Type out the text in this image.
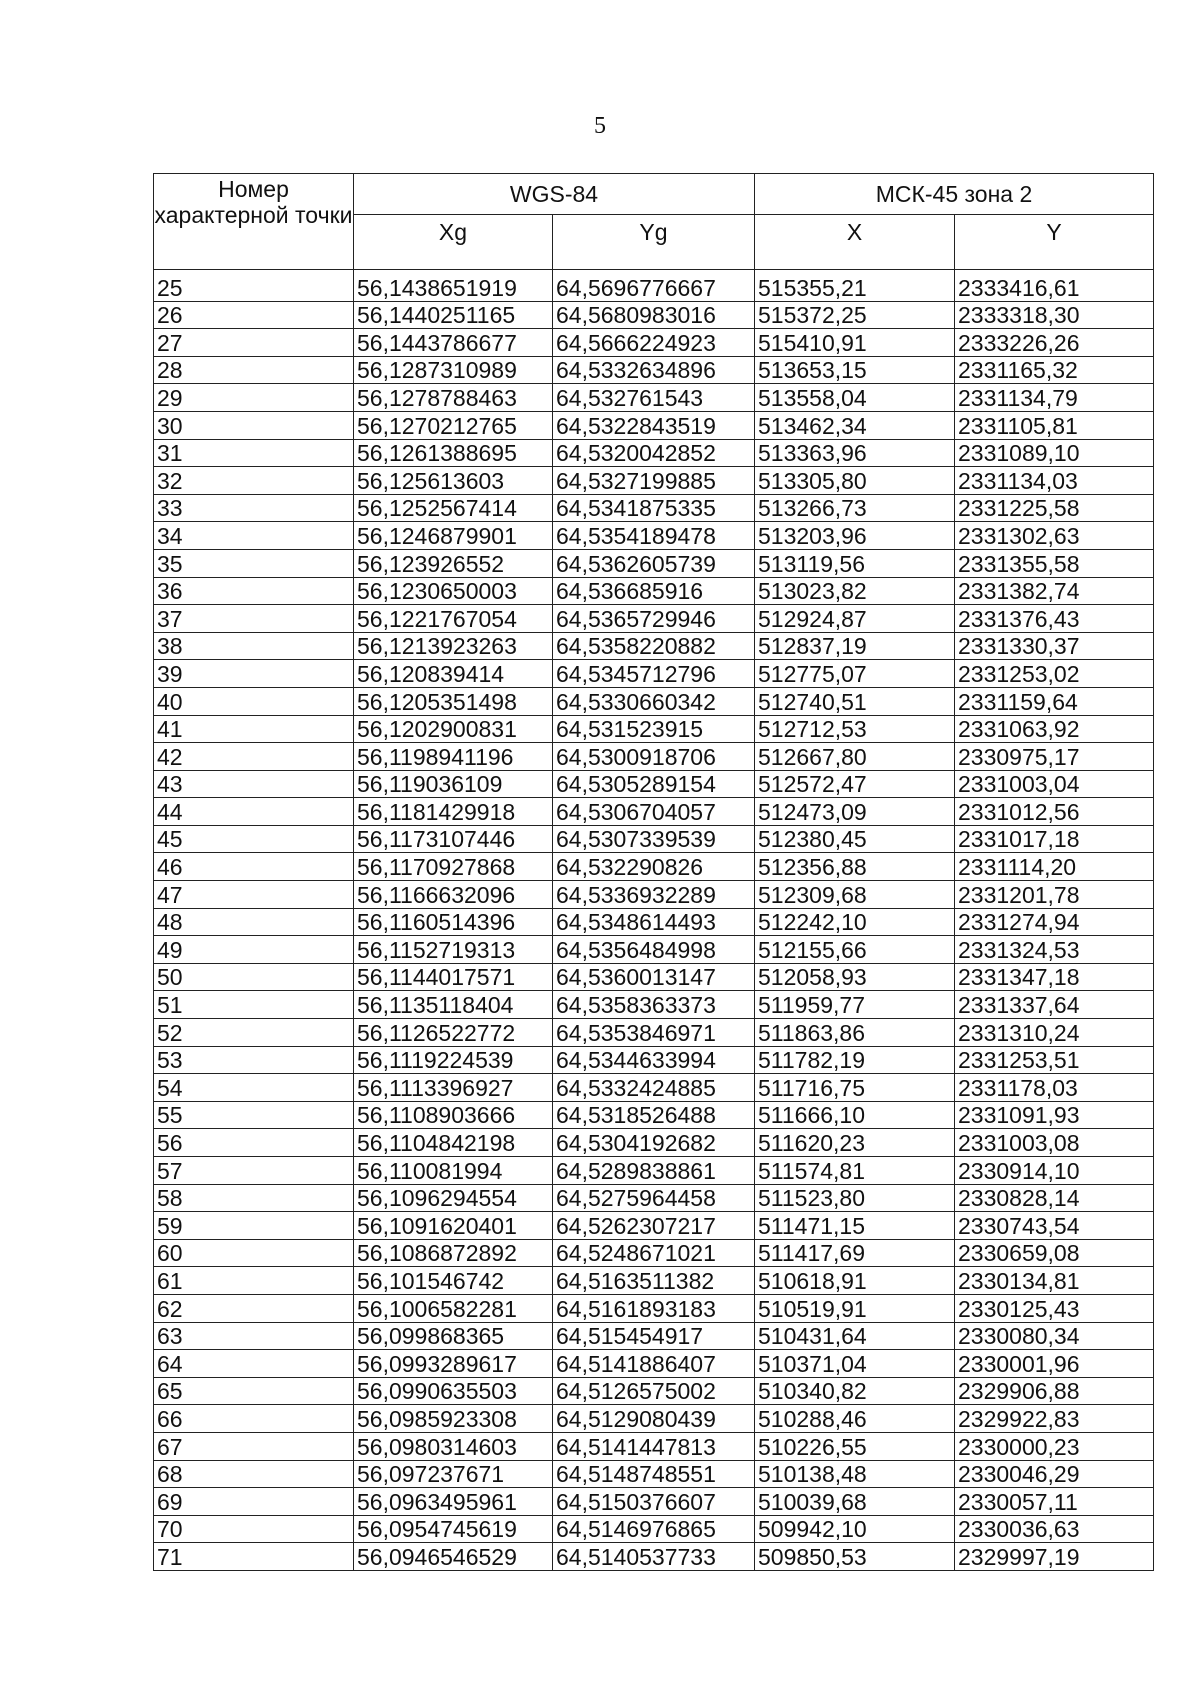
5
Номер характерной точки	WGS-84		МСК-45 зона 2	
	Xg	Yg	X	Y
25	56,1438651919	64,5696776667	515355,21	2333416,61
26	56,1440251165	64,5680983016	515372,25	2333318,30
27	56,1443786677	64,5666224923	515410,91	2333226,26
28	56,1287310989	64,5332634896	513653,15	2331165,32
29	56,1278788463	64,532761543	513558,04	2331134,79
30	56,1270212765	64,5322843519	513462,34	2331105,81
31	56,1261388695	64,5320042852	513363,96	2331089,10
32	56,125613603	64,5327199885	513305,80	2331134,03
33	56,1252567414	64,5341875335	513266,73	2331225,58
34	56,1246879901	64,5354189478	513203,96	2331302,63
35	56,123926552	64,5362605739	513119,56	2331355,58
36	56,1230650003	64,536685916	513023,82	2331382,74
37	56,1221767054	64,5365729946	512924,87	2331376,43
38	56,1213923263	64,5358220882	512837,19	2331330,37
39	56,120839414	64,5345712796	512775,07	2331253,02
40	56,1205351498	64,5330660342	512740,51	2331159,64
41	56,1202900831	64,531523915	512712,53	2331063,92
42	56,1198941196	64,5300918706	512667,80	2330975,17
43	56,119036109	64,5305289154	512572,47	2331003,04
44	56,1181429918	64,5306704057	512473,09	2331012,56
45	56,1173107446	64,5307339539	512380,45	2331017,18
46	56,1170927868	64,532290826	512356,88	2331114,20
47	56,1166632096	64,5336932289	512309,68	2331201,78
48	56,1160514396	64,5348614493	512242,10	2331274,94
49	56,1152719313	64,5356484998	512155,66	2331324,53
50	56,1144017571	64,5360013147	512058,93	2331347,18
51	56,1135118404	64,5358363373	511959,77	2331337,64
52	56,1126522772	64,5353846971	511863,86	2331310,24
53	56,1119224539	64,5344633994	511782,19	2331253,51
54	56,1113396927	64,5332424885	511716,75	2331178,03
55	56,1108903666	64,5318526488	511666,10	2331091,93
56	56,1104842198	64,5304192682	511620,23	2331003,08
57	56,110081994	64,5289838861	511574,81	2330914,10
58	56,1096294554	64,5275964458	511523,80	2330828,14
59	56,1091620401	64,5262307217	511471,15	2330743,54
60	56,1086872892	64,5248671021	511417,69	2330659,08
61	56,101546742	64,5163511382	510618,91	2330134,81
62	56,1006582281	64,5161893183	510519,91	2330125,43
63	56,099868365	64,515454917	510431,64	2330080,34
64	56,0993289617	64,5141886407	510371,04	2330001,96
65	56,0990635503	64,5126575002	510340,82	2329906,88
66	56,0985923308	64,5129080439	510288,46	2329922,83
67	56,0980314603	64,5141447813	510226,55	2330000,23
68	56,097237671	64,5148748551	510138,48	2330046,29
69	56,0963495961	64,5150376607	510039,68	2330057,11
70	56,0954745619	64,5146976865	509942,10	2330036,63
71	56,0946546529	64,5140537733	509850,53	2329997,19
